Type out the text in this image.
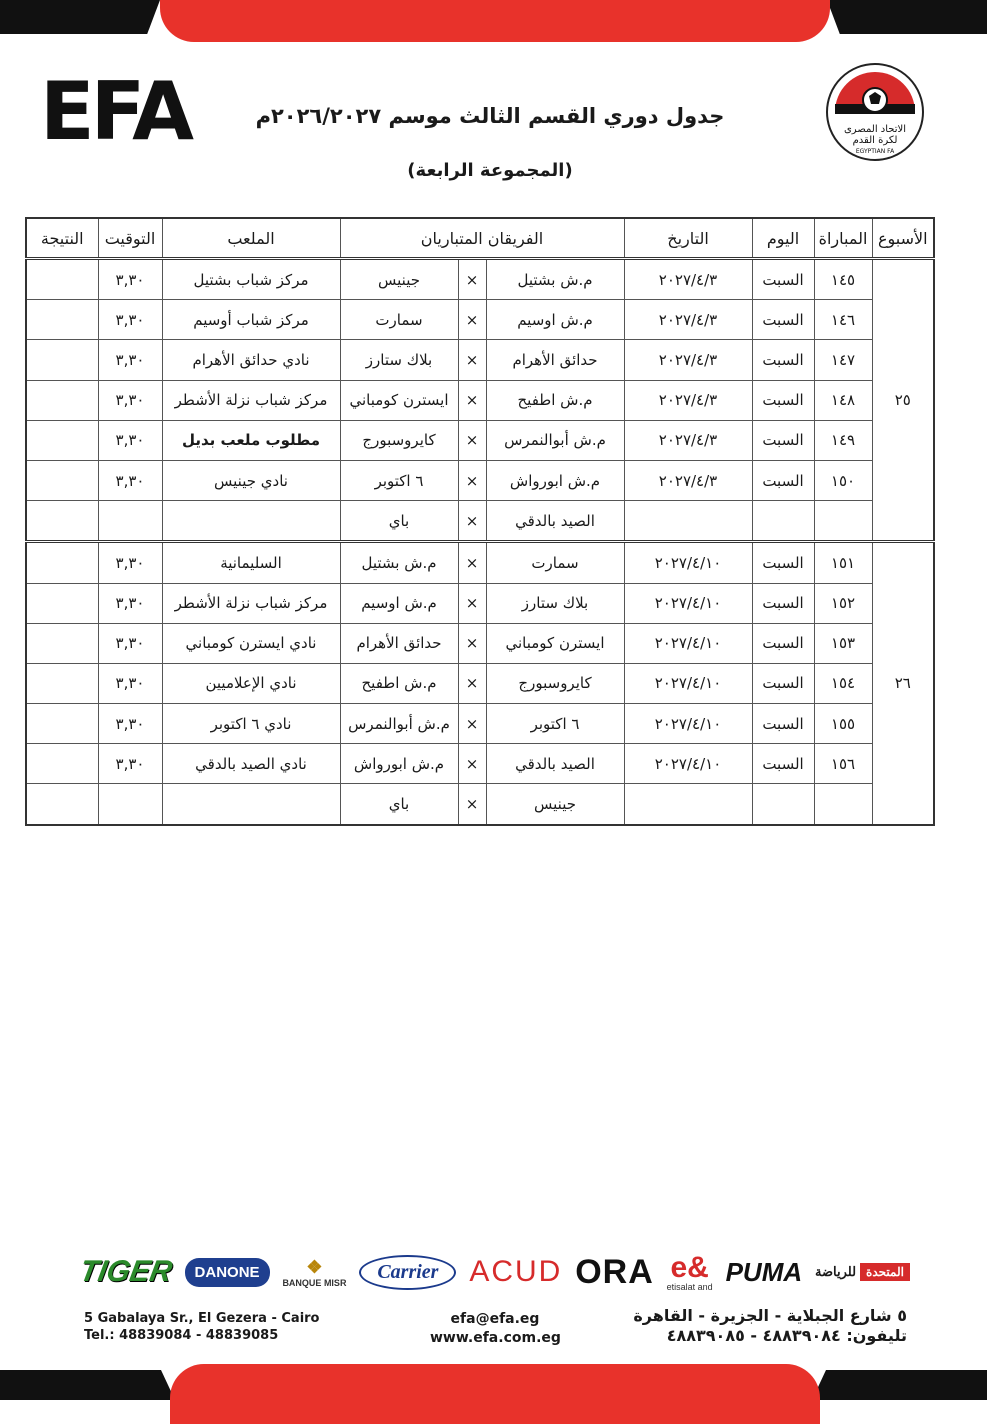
EFA	الاتحاد المصرى
لكرة القدم
EGYPTIAN FA
جدول دوري القسم الثالث موسم ٢٠٢٦/٢٠٢٧م
(المجموعة الرابعة)
الأسبوع	المباراة	اليوم	التاريخ	الفريقان المتباريان			الملعب	التوقيت	النتيجة
٢٥	١٤٥	السبت	٢٠٢٧/٤/٣	م.ش بشتيل	×	جينيس	مركز شباب بشتيل	٣,٣٠	
	١٤٦	السبت	٢٠٢٧/٤/٣	م.ش اوسيم	×	سمارت	مركز شباب أوسيم	٣,٣٠	
	١٤٧	السبت	٢٠٢٧/٤/٣	حدائق الأهرام	×	بلاك ستارز	نادي حدائق الأهرام	٣,٣٠	
	١٤٨	السبت	٢٠٢٧/٤/٣	م.ش اطفيح	×	ايسترن كومباني	مركز شباب نزلة الأشطر	٣,٣٠	
	١٤٩	السبت	٢٠٢٧/٤/٣	م.ش أبوالنمرس	×	كايروسبورج	مطلوب ملعب بديل	٣,٣٠	
	١٥٠	السبت	٢٠٢٧/٤/٣	م.ش ابورواش	×	٦ اكتوبر	نادي جينيس	٣,٣٠	
				الصيد بالدقي	×	باي			
٢٦	١٥١	السبت	٢٠٢٧/٤/١٠	سمارت	×	م.ش بشتيل	السليمانية	٣,٣٠	
	١٥٢	السبت	٢٠٢٧/٤/١٠	بلاك ستارز	×	م.ش اوسيم	مركز شباب نزلة الأشطر	٣,٣٠	
	١٥٣	السبت	٢٠٢٧/٤/١٠	ايسترن كومباني	×	حدائق الأهرام	نادي ايسترن كومباني	٣,٣٠	
	١٥٤	السبت	٢٠٢٧/٤/١٠	كايروسبورج	×	م.ش اطفيح	نادي الإعلاميين	٣,٣٠	
	١٥٥	السبت	٢٠٢٧/٤/١٠	٦ اكتوبر	×	م.ش أبوالنمرس	نادي ٦ اكتوبر	٣,٣٠	
	١٥٦	السبت	٢٠٢٧/٤/١٠	الصيد بالدقي	×	م.ش ابورواش	نادي الصيد بالدقي	٣,٣٠	
				جينيس	×	باي			
TIGER	DANONE	❖
BANQUE MISR	Carrier	ACUD ORA e&
etisalat and PUMA للرياضة المتحدة
5 Gabalaya Sr., El Gezera - Cairo
Tel.: 48839084 - 48839085
efa@efa.eg
www.efa.com.eg
٥ شارع الجبلاية - الجزيرة - القاهرة
تليفون: ٤٨٨٣٩٠٨٤ - ٤٨٨٣٩٠٨٥
